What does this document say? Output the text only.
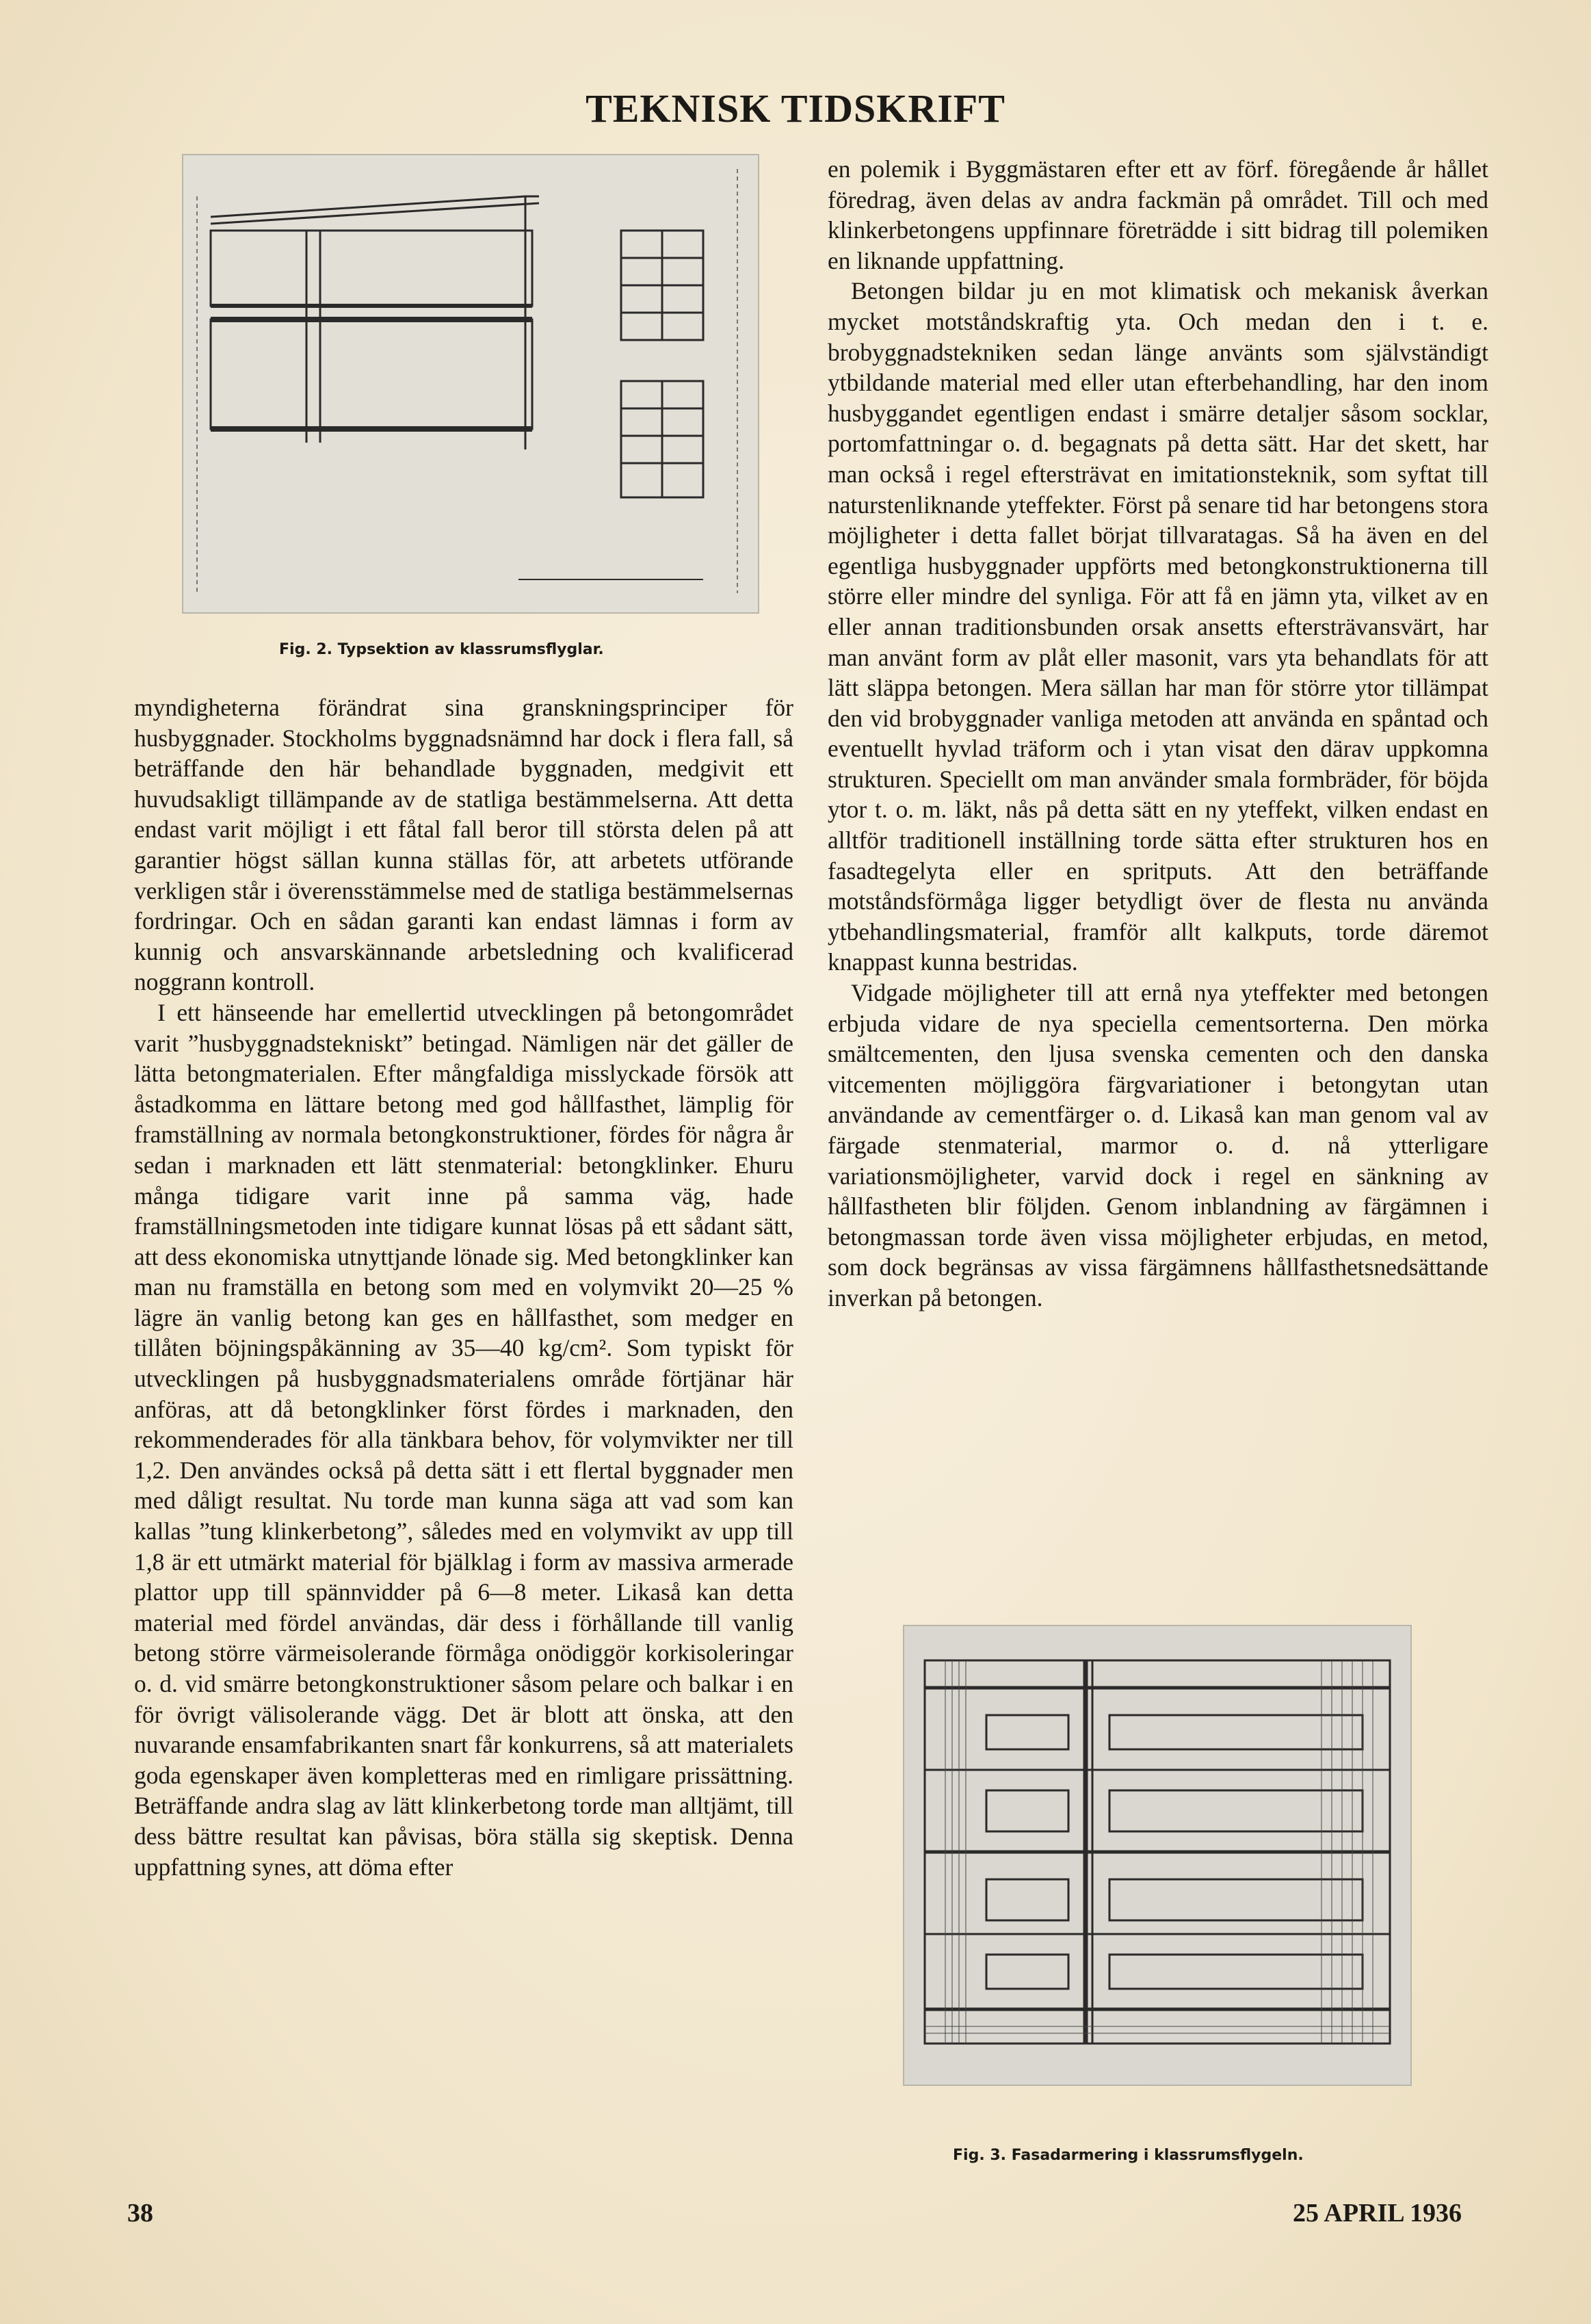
TEKNISK TIDSKRIFT
Fig. 2. Typsektion av klassrumsflyglar.

myndigheterna förändrat sina granskningsprinciper för husbyggnader. Stockholms byggnadsnämnd har dock i flera fall, så beträffande den här behandlade byggnaden, medgivit ett huvudsakligt tillämpande av de statliga bestämmelserna. Att detta endast varit möjligt i ett fåtal fall beror till största delen på att garantier högst sällan kunna ställas för, att arbetets utförande verkligen står i överensstämmelse med de statliga bestämmelsernas fordringar. Och en sådan garanti kan endast lämnas i form av kunnig och ansvarskännande arbetsledning och kvalificerad noggrann kontroll.

I ett hänseende har emellertid utvecklingen på betongområdet varit ”husbyggnadstekniskt” betingad. Nämligen när det gäller de lätta betongmaterialen. Efter mångfaldiga misslyckade försök att åstadkomma en lättare betong med god hållfasthet, lämplig för framställning av normala betongkonstruktioner, fördes för några år sedan i marknaden ett lätt stenmaterial: betongklinker. Ehuru många tidigare varit inne på samma väg, hade framställningsmetoden inte tidigare kunnat lösas på ett sådant sätt, att dess ekonomiska utnyttjande lönade sig. Med betongklinker kan man nu framställa en betong som med en volymvikt 20—25 % lägre än vanlig betong kan ges en hållfasthet, som medger en tillåten böjningspåkänning av 35—40 kg/cm². Som typiskt för utvecklingen på husbyggnadsmaterialens område förtjänar här anföras, att då betongklinker först fördes i marknaden, den rekommenderades för alla tänkbara behov, för volymvikter ner till 1,2. Den användes också på detta sätt i ett flertal byggnader men med dåligt resultat. Nu torde man kunna säga att vad som kan kallas ”tung klinkerbetong”, således med en volymvikt av upp till 1,8 är ett utmärkt material för bjälklag i form av massiva armerade plattor upp till spännvidder på 6—8 meter. Likaså kan detta material med fördel användas, där dess i förhållande till vanlig betong större värmeisolerande förmåga onödiggör korkisoleringar o. d. vid smärre betongkonstruktioner såsom pelare och balkar i en för övrigt välisolerande vägg. Det är blott att önska, att den nuvarande ensamfabrikanten snart får konkurrens, så att materialets goda egenskaper även kompletteras med en rimligare prissättning. Beträffande andra slag av lätt klinkerbetong torde man alltjämt, till dess bättre resultat kan påvisas, böra ställa sig skeptisk. Denna uppfattning synes, att döma efter

en polemik i Byggmästaren efter ett av förf. föregående år hållet föredrag, även delas av andra fackmän på området. Till och med klinkerbetongens uppfinnare företrädde i sitt bidrag till polemiken en liknande uppfattning.

Betongen bildar ju en mot klimatisk och mekanisk åverkan mycket motståndskraftig yta. Och medan den i t. e. brobyggnadstekniken sedan länge använts som självständigt ytbildande material med eller utan efterbehandling, har den inom husbyggandet egentligen endast i smärre detaljer såsom socklar, portomfattningar o. d. begagnats på detta sätt. Har det skett, har man också i regel eftersträvat en imitationsteknik, som syftat till naturstenliknande yteffekter. Först på senare tid har betongens stora möjligheter i detta fallet börjat tillvaratagas. Så ha även en del egentliga husbyggnader uppförts med betongkonstruktionerna till större eller mindre del synliga. För att få en jämn yta, vilket av en eller annan traditionsbunden orsak ansetts eftersträvansvärt, har man använt form av plåt eller masonit, vars yta behandlats för att lätt släppa betongen. Mera sällan har man för större ytor tillämpat den vid brobyggnader vanliga metoden att använda en spåntad och eventuellt hyvlad träform och i ytan visat den därav uppkomna strukturen. Speciellt om man använder smala formbräder, för böjda ytor t. o. m. läkt, nås på detta sätt en ny yteffekt, vilken endast en alltför traditionell inställning torde sätta efter strukturen hos en fasadtegelyta eller en spritputs. Att den beträffande motståndsförmåga ligger betydligt över de flesta nu använda ytbehandlingsmaterial, framför allt kalkputs, torde däremot knappast kunna bestridas.

Vidgade möjligheter till att ernå nya yteffekter med betongen erbjuda vidare de nya speciella cementsorterna. Den mörka smältcementen, den ljusa svenska cementen och den danska vitcementen möjliggöra färgvariationer i betongytan utan användande av cementfärger o. d. Likaså kan man genom val av färgade stenmaterial, marmor o. d. nå ytterligare variationsmöjligheter, varvid dock i regel en sänkning av hållfastheten blir följden. Genom inblandning av färgämnen i betongmassan torde även vissa möjligheter erbjudas, en metod, som dock begränsas av vissa färgämnens hållfasthetsnedsättande inverkan på betongen.

Fig. 3. Fasadarmering i klassrumsflygeln.
38	25 APRIL 1936
